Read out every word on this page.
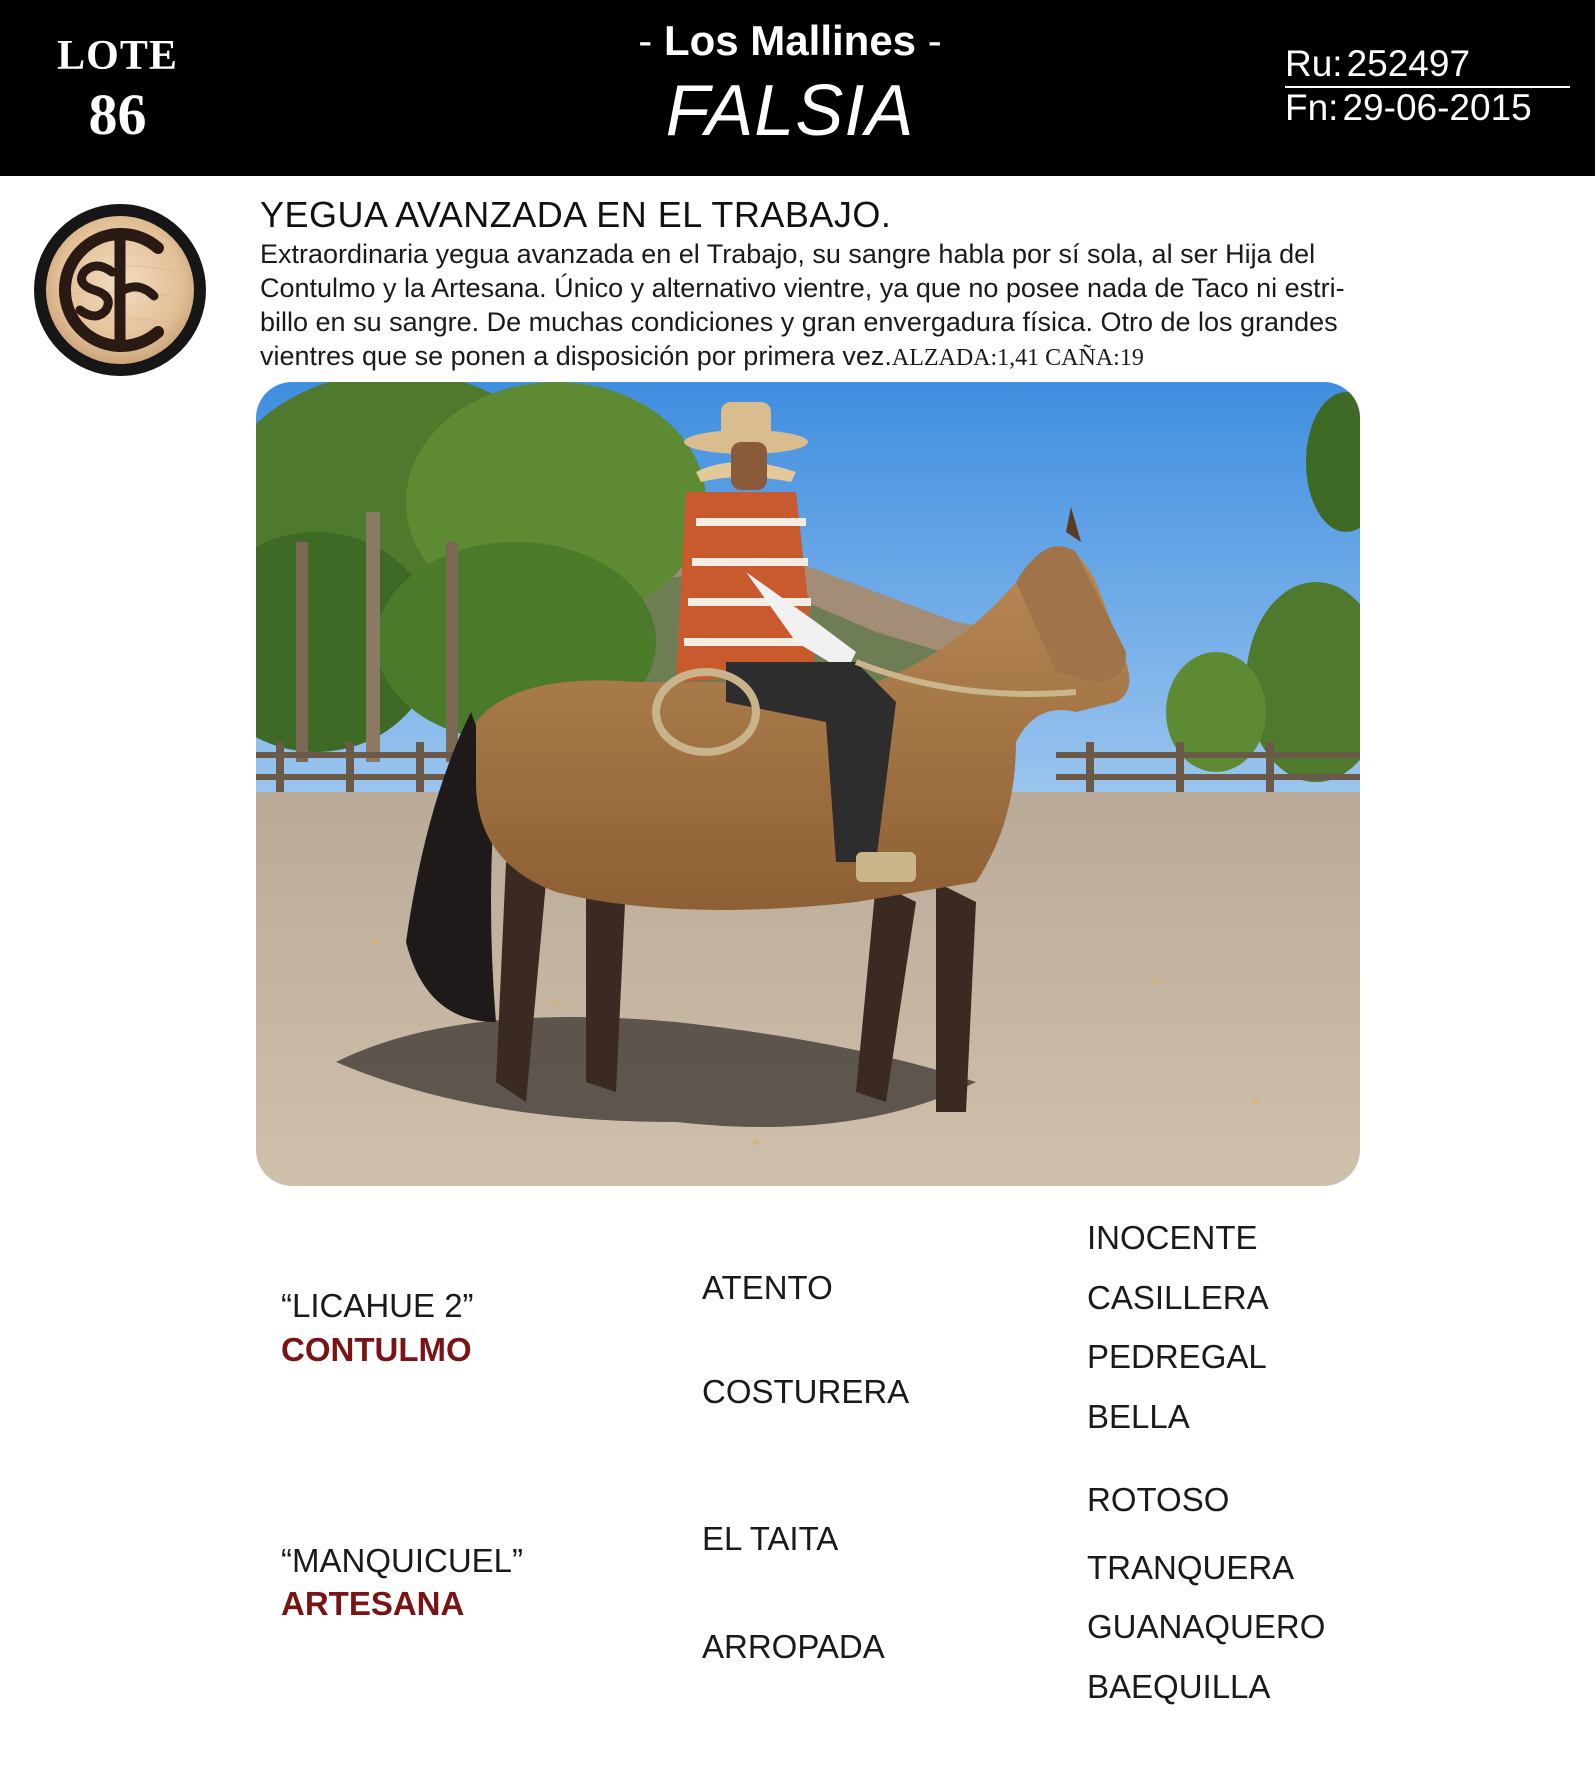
LOTE
86
- Los Mallines -
FALSIA
Ru: 252497
Fn: 29-06-2015
YEGUA AVANZADA EN EL TRABAJO.
Extraordinaria yegua avanzada en el Trabajo, su sangre habla por sí sola, al ser Hija del
Contulmo y la Artesana. Único y alternativo vientre, ya que no posee nada de Taco ni estri-
billo en su sangre. De muchas condiciones y gran envergadura física. Otro de los grandes
vientres que se ponen a disposición por primera vez.ALZADA:1,41 CAÑA:19
“LICAHUE 2”
CONTULMO
ATENTO
COSTURERA
INOCENTE
CASILLERA
PEDREGAL
BELLA
“MANQUICUEL”
ARTESANA
EL TAITA
ARROPADA
ROTOSO
TRANQUERA
GUANAQUERO
BAEQUILLA
